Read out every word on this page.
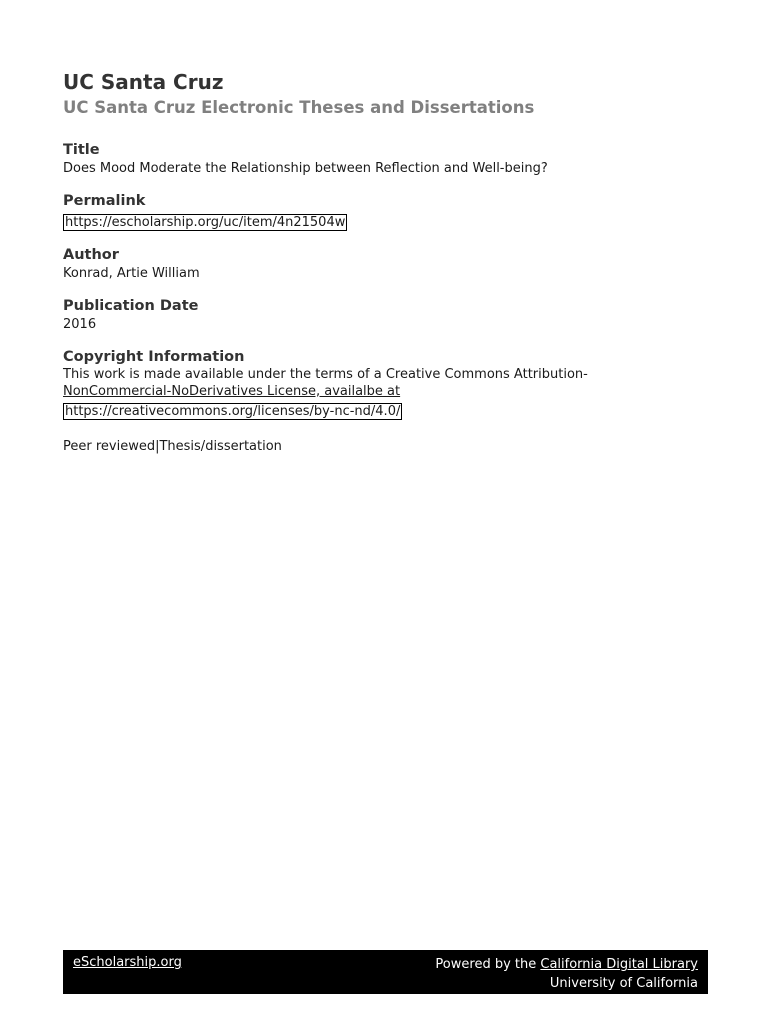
UC Santa Cruz
UC Santa Cruz Electronic Theses and Dissertations

Title

Does Mood Moderate the Relationship between Reflection and Well-being?

Permalink

https://escholarship.org/uc/item/4n21504w

Author

Konrad, Artie William

Publication Date

2016

Copyright Information

This work is made available under the terms of a Creative Commons Attribution-

NonCommercial-NoDerivatives License, availalbe at

https://creativecommons.org/licenses/by-nc-nd/4.0/
Peer reviewed|Thesis/dissertation
eScholarship.org	Powered by the California Digital Library
University of California
